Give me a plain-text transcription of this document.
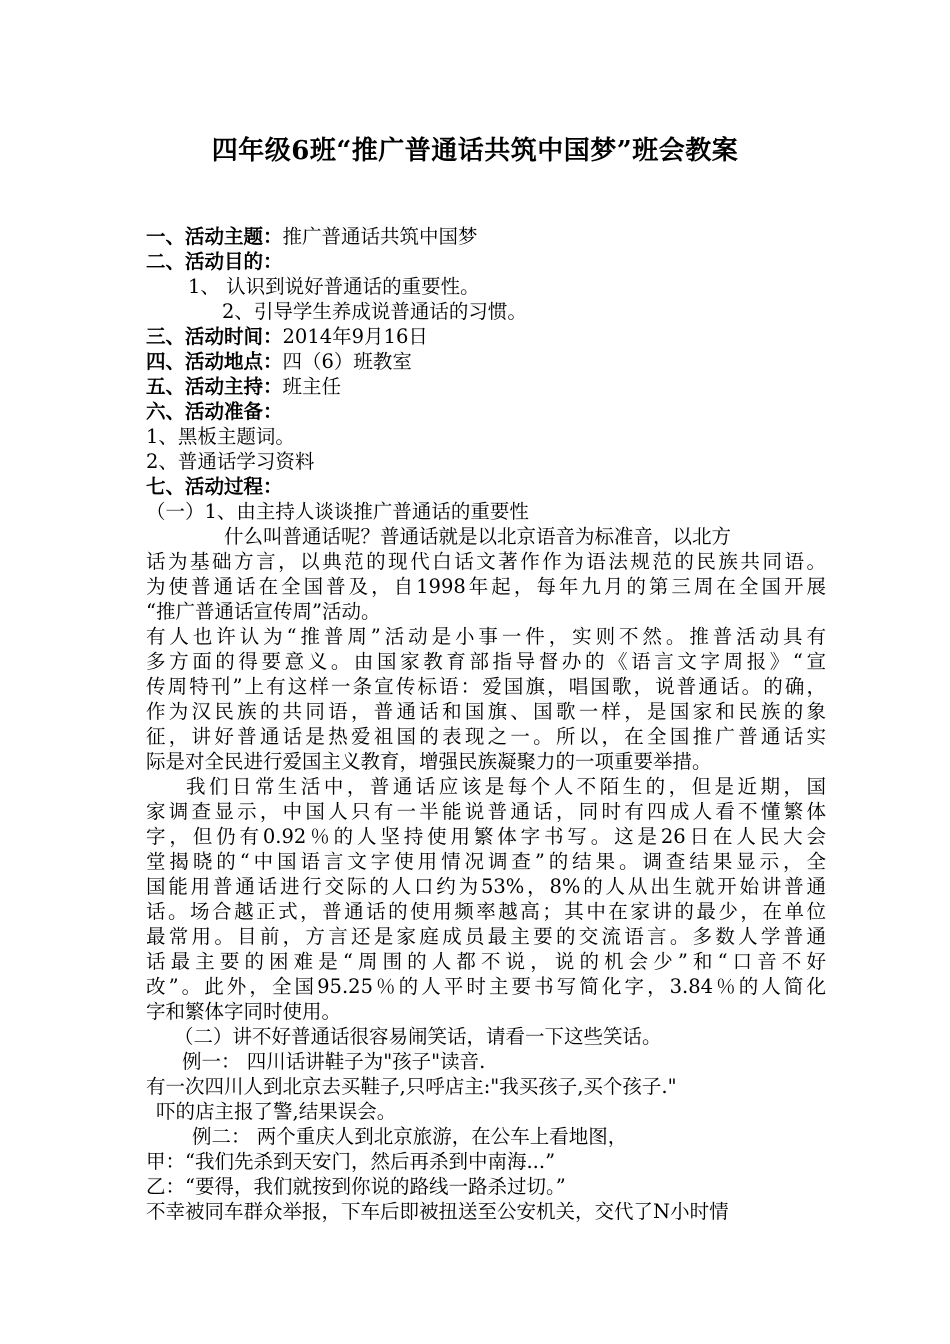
四年级6班“推广普通话共筑中国梦”班会教案
一、活动主题：推广普通话共筑中国梦
二、活动目的：
1、 认识到说好普通话的重要性。
2、引导学生养成说普通话的习惯。
三、活动时间：2014年9月16日
四、活动地点：四（6）班教室
五、活动主持：班主任
六、活动准备：
1、黑板主题词。
2、普通话学习资料
七、活动过程：
（一）1、由主持人谈谈推广普通话的重要性
什么叫普通话呢？普通话就是以北京语音为标准音，以北方
话为基础方言，以典范的现代白话文著作作为语法规范的民族共同语。
为使普通话在全国普及，自1998年起，每年九月的第三周在全国开展
“推广普通话宣传周”活动。
有人也许认为“推普周”活动是小事一件，实则不然。推普活动具有
多方面的得要意义。由国家教育部指导督办的《语言文字周报》“宣
传周特刊”上有这样一条宣传标语：爱国旗，唱国歌，说普通话。的确，
作为汉民族的共同语，普通话和国旗、国歌一样，是国家和民族的象
征，讲好普通话是热爱祖国的表现之一。所以，在全国推广普通话实
际是对全民进行爱国主义教育，增强民族凝聚力的一项重要举措。
我们日常生活中，普通话应该是每个人不陌生的，但是近期，国
家调查显示，中国人只有一半能说普通话，同时有四成人看不懂繁体
字，但仍有0.92％的人坚持使用繁体字书写。这是26日在人民大会
堂揭晓的“中国语言文字使用情况调查”的结果。调查结果显示，全
国能用普通话进行交际的人口约为53%，8%的人从出生就开始讲普通
话。场合越正式，普通话的使用频率越高；其中在家讲的最少，在单位
最常用。目前，方言还是家庭成员最主要的交流语言。多数人学普通
话最主要的困难是“周围的人都不说，说的机会少”和“口音不好
改”。此外，全国95.25％的人平时主要书写简化字，3.84％的人简化
字和繁体字同时使用。
（二）讲不好普通话很容易闹笑话，请看一下这些笑话。
例一： 四川话讲鞋子为"孩子"读音.
有一次四川人到北京去买鞋子,只呼店主:"我买孩子,买个孩子."
吓的店主报了警,结果误会。
例二： 两个重庆人到北京旅游，在公车上看地图，
甲：“我们先杀到天安门，然后再杀到中南海...”
乙：“要得，我们就按到你说的路线一路杀过切。”
不幸被同车群众举报，下车后即被扭送至公安机关，交代了N小时情
